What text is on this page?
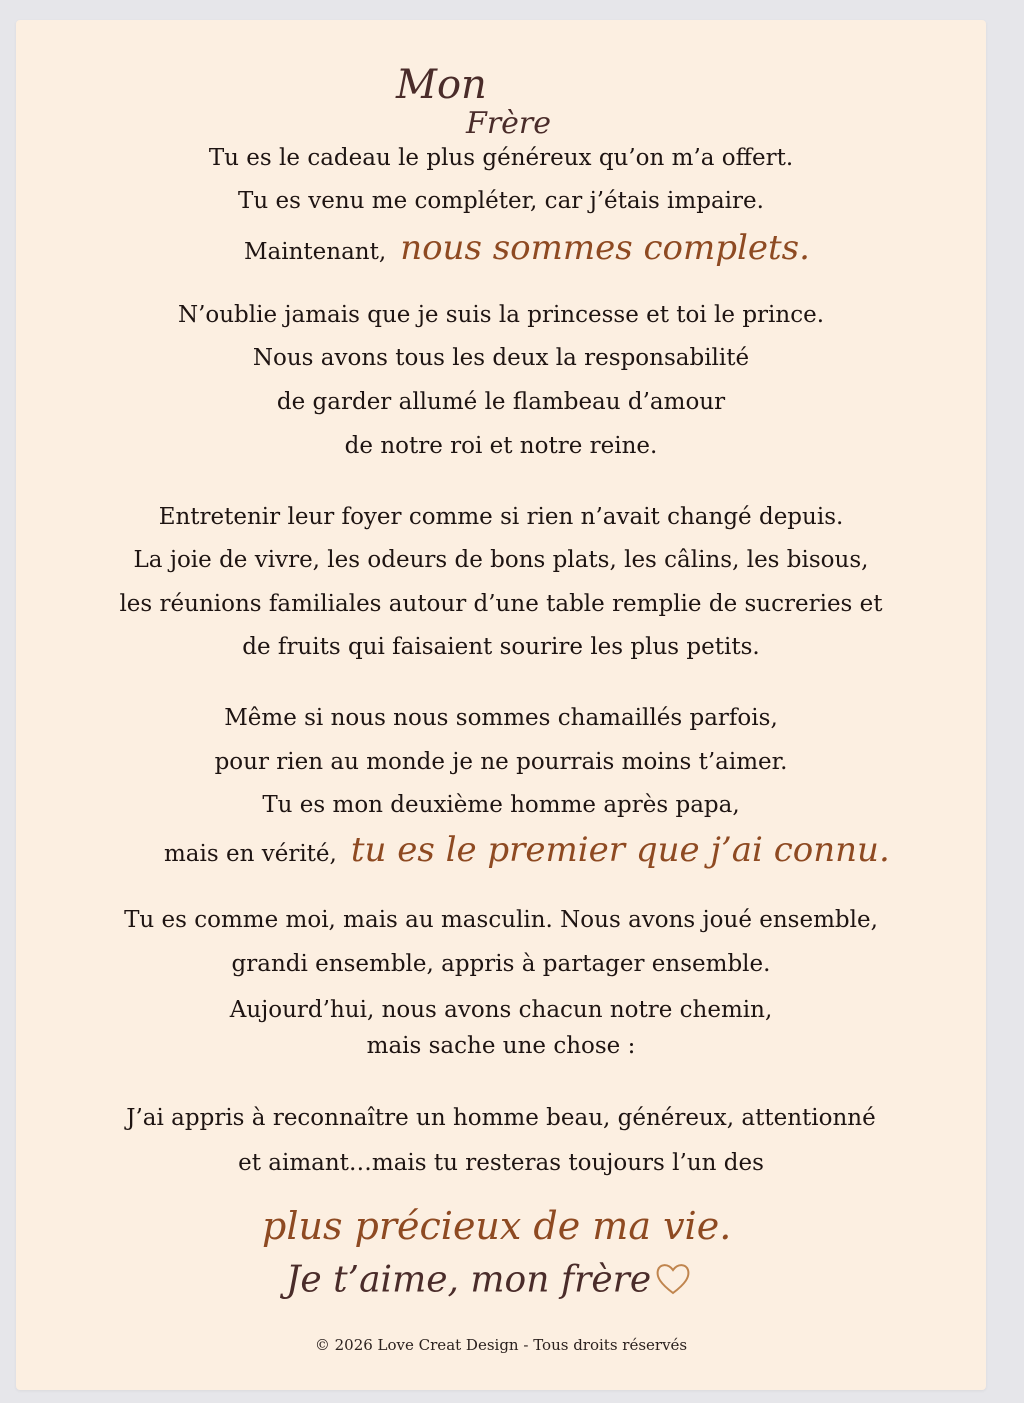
Mon
Frère
Tu es le cadeau le plus généreux qu’on m’a offert.
Tu es venu me compléter, car j’étais impaire.
Maintenant, nous sommes complets.
N’oublie jamais que je suis la princesse et toi le prince.
Nous avons tous les deux la responsabilité
de garder allumé le flambeau d’amour
de notre roi et notre reine.
Entretenir leur foyer comme si rien n’avait changé depuis.
La joie de vivre, les odeurs de bons plats, les câlins, les bisous,
les réunions familiales autour d’une table remplie de sucreries et
de fruits qui faisaient sourire les plus petits.
Même si nous nous sommes chamaillés parfois,
pour rien au monde je ne pourrais moins t’aimer.
Tu es mon deuxième homme après papa,
mais en vérité, tu es le premier que j’ai connu.
Tu es comme moi, mais au masculin. Nous avons joué ensemble,
grandi ensemble, appris à partager ensemble.
Aujourd’hui, nous avons chacun notre chemin,
mais sache une chose :
J’ai appris à reconnaître un homme beau, généreux, attentionné
et aimant…mais tu resteras toujours l’un des
plus précieux de ma vie.
Je t’aime, mon frère
© 2026 Love Creat Design - Tous droits réservés
